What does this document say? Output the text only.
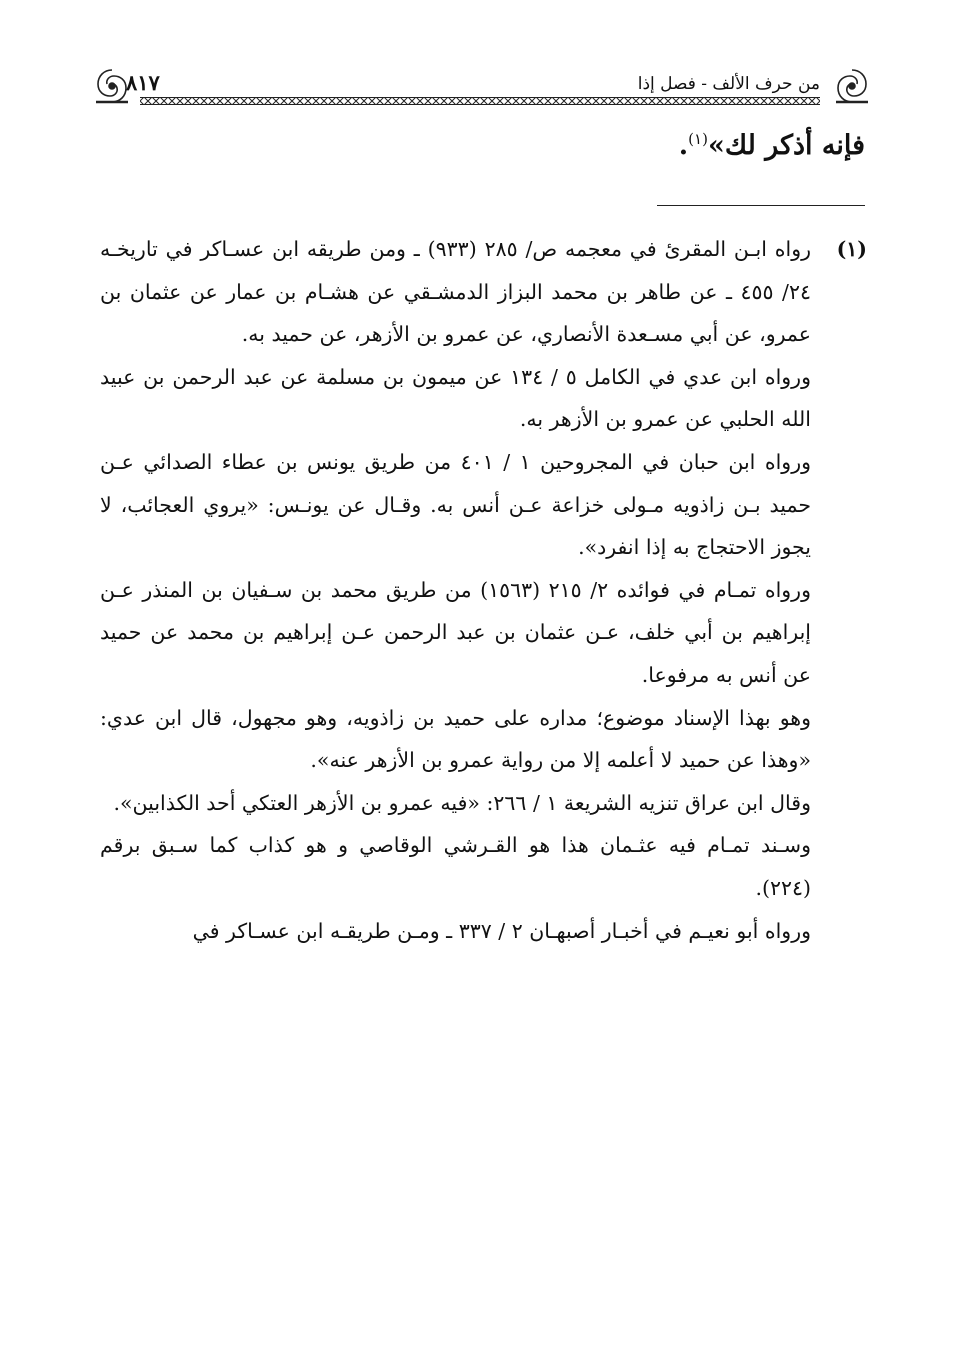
من حرف الألف - فصل إذا
٨١٧
فإنه أذكر لك»$^{(١)}$.
(١)

رواه ابـن المقرئ في معجمه ص/ ٢٨٥ (٩٣٣) ـ ومن طريقه ابن عسـاكر في تاريخـه ٢٤/ ٤٥٥ ـ عن طاهر بن محمد البزاز الدمشـقي عن هشـام بن عمار عن عثمان بن عمرو، عن أبي مسـعدة الأنصاري، عن عمرو بن الأزهر، عن حميد به.

ورواه ابن عدي في الكامل ٥ / ١٣٤ عن ميمون بن مسلمة عن عبد الرحمن بن عبيد الله الحلبي عن عمرو بن الأزهر به.

ورواه ابن حبان في المجروحين ١ / ٤٠١ من طريق يونس بن عطاء الصدائي عـن حميد بـن زاذويه مـولى خزاعة عـن أنس به. وقـال عن يونـس: «يروي العجائب، لا يجوز الاحتجاج به إذا انفرد».

ورواه تمـام في فوائده ٢/ ٢١٥ (١٥٦٣) من طريق محمد بن سـفيان بن المنذر عـن إبراهيم بن أبي خلف، عـن عثمان بن عبد الرحمن عـن إبراهيم بن محمد عن حميد عن أنس به مرفوعا.

وهو بهذا الإسناد موضوع؛ مداره على حميد بن زاذويه، وهو مجهول، قال ابن عدي: «وهذا عن حميد لا أعلمه إلا من رواية عمرو بن الأزهر عنه».

وقال ابن عراق تنزيه الشريعة ١ / ٢٦٦: «فيه عمرو بن الأزهر العتكي أحد الكذابين».

وسـند تمـام فيه عثـمان هذا هو القـرشي الوقاصي و هو كذاب كما سـبق برقم (٢٢٤).

ورواه أبو نعيـم في أخبـار أصبهـان ٢ / ٣٣٧ ـ ومـن طريقـه ابن عسـاكر في
